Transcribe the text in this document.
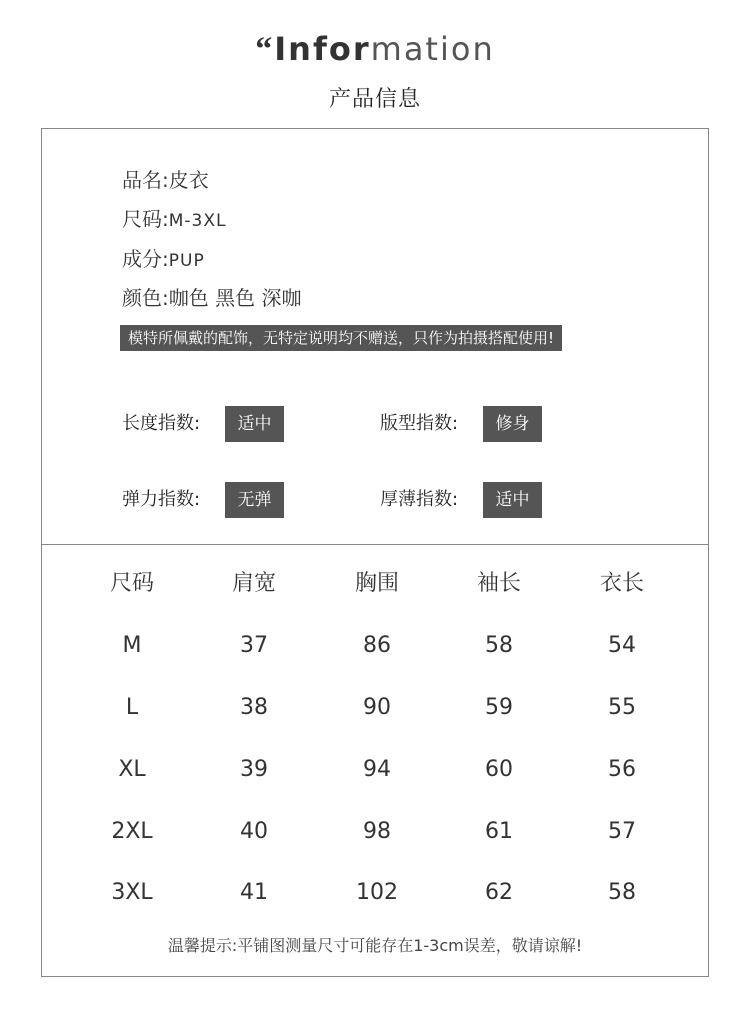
“Information
产品信息
品名:皮衣
尺码:M-3XL
成分:PUP
颜色:咖色 黑色 深咖
模特所佩戴的配饰，无特定说明均不赠送，只作为拍摄搭配使用!
长度指数:	适中	版型指数:	修身
弹力指数:	无弹	厚薄指数:	适中
尺码	肩宽	胸围	袖长	衣长
M	37	86	58	54
L	38	90	59	55
XL	39	94	60	56
2XL	40	98	61	57
3XL	41	102	62	58
温馨提示:平铺图测量尺寸可能存在1-3cm误差，敬请谅解!
